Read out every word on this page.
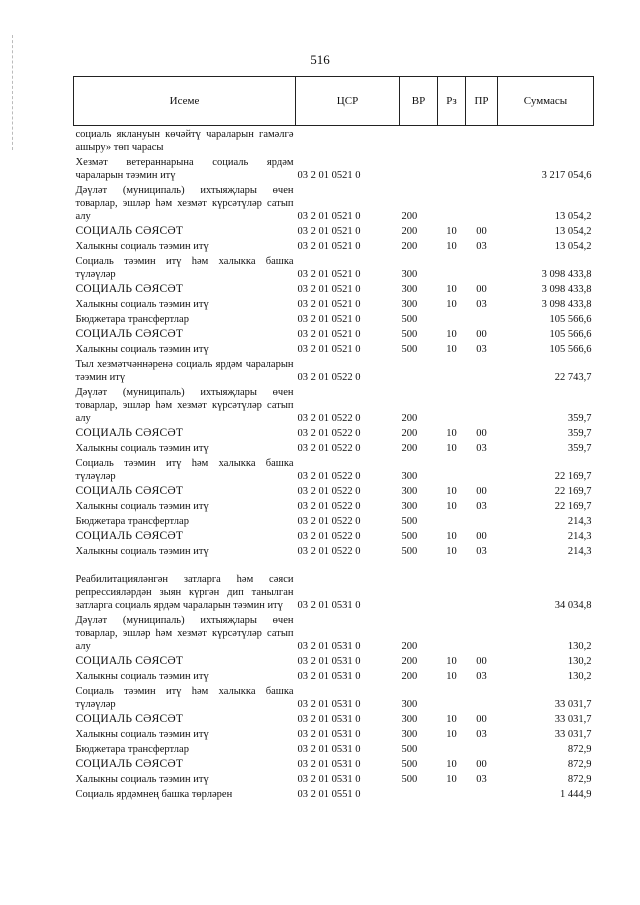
516
Исеме	ЦСР	ВР	Рз	ПР	Суммасы
социаль яклануын көчәйтү чараларын гамәлгә ашыру» төп чарасы					
Хезмәт ветераннарына социаль ярдәм чараларын тәэмин итү	03 2 01 0521 0				3 217 054,6
Дәүләт (муниципаль) ихтыяҗлары өчен товарлар, эшләр һәм хезмәт күрсәтүләр сатып алу	03 2 01 0521 0	200			13 054,2
СОЦИАЛЬ СӘЯСӘТ	03 2 01 0521 0	200	10	00	13 054,2
Халыкны социаль тәэмин итү	03 2 01 0521 0	200	10	03	13 054,2
Социаль тәэмин итү һәм халыкка башка түләүләр	03 2 01 0521 0	300			3 098 433,8
СОЦИАЛЬ СӘЯСӘТ	03 2 01 0521 0	300	10	00	3 098 433,8
Халыкны социаль тәэмин итү	03 2 01 0521 0	300	10	03	3 098 433,8
Бюджетара трансфертлар	03 2 01 0521 0	500			105 566,6
СОЦИАЛЬ СӘЯСӘТ	03 2 01 0521 0	500	10	00	105 566,6
Халыкны социаль тәэмин итү	03 2 01 0521 0	500	10	03	105 566,6
Тыл хезмәтчәннәренә социаль ярдәм чараларын тәэмин итү	03 2 01 0522 0				22 743,7
Дәүләт (муниципаль) ихтыяҗлары өчен товарлар, эшләр һәм хезмәт күрсәтүләр сатып алу	03 2 01 0522 0	200			359,7
СОЦИАЛЬ СӘЯСӘТ	03 2 01 0522 0	200	10	00	359,7
Халыкны социаль тәэмин итү	03 2 01 0522 0	200	10	03	359,7
Социаль тәэмин итү һәм халыкка башка түләүләр	03 2 01 0522 0	300			22 169,7
СОЦИАЛЬ СӘЯСӘТ	03 2 01 0522 0	300	10	00	22 169,7
Халыкны социаль тәэмин итү	03 2 01 0522 0	300	10	03	22 169,7
Бюджетара трансфертлар	03 2 01 0522 0	500			214,3
СОЦИАЛЬ СӘЯСӘТ	03 2 01 0522 0	500	10	00	214,3
Халыкны социаль тәэмин итү	03 2 01 0522 0	500	10	03	214,3
Реабилитацияләнгән затларга һәм сәяси репрессияләрдән зыян күргән дип танылган затларга социаль ярдәм чараларын тәэмин итү	03 2 01 0531 0				34 034,8
Дәүләт (муниципаль) ихтыяҗлары өчен товарлар, эшләр һәм хезмәт күрсәтүләр сатып алу	03 2 01 0531 0	200			130,2
СОЦИАЛЬ СӘЯСӘТ	03 2 01 0531 0	200	10	00	130,2
Халыкны социаль тәэмин итү	03 2 01 0531 0	200	10	03	130,2
Социаль тәэмин итү һәм халыкка башка түләүләр	03 2 01 0531 0	300			33 031,7
СОЦИАЛЬ СӘЯСӘТ	03 2 01 0531 0	300	10	00	33 031,7
Халыкны социаль тәэмин итү	03 2 01 0531 0	300	10	03	33 031,7
Бюджетара трансфертлар	03 2 01 0531 0	500			872,9
СОЦИАЛЬ СӘЯСӘТ	03 2 01 0531 0	500	10	00	872,9
Халыкны социаль тәэмин итү	03 2 01 0531 0	500	10	03	872,9
Социаль ярдәмнең башка төрләрен	03 2 01 0551 0				1 444,9
